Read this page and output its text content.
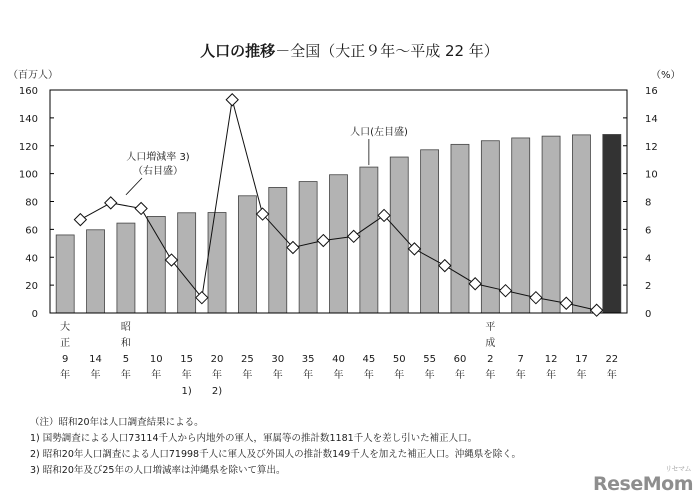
人口の推移－全国（大正９年～平成 22 年）
（百万人）	（%）
0
20
40
60
80
100
120
140
160
0
2
4
6
8
10
12
14
16
大
正
9
年
14
年
昭
和
5
年
10
年
15
年
1)
20
年
2)
25
年
30
年
35
年
40
年
45
年
50
年
55
年
60
年
平
成
2
年
7
年
12
年
17
年
22
年
人口増減率 3)
（右目盛）
人口(左目盛)
（注）昭和20年は人口調査結果による。
1) 国勢調査による人口73114千人から内地外の軍人，軍属等の推計数1181千人を差し引いた補正人口。
2) 昭和20年人口調査による人口71998千人に軍人及び外国人の推計数149千人を加えた補正人口。沖縄県を除く。
3) 昭和20年及び25年の人口増減率は沖縄県を除いて算出。	リセマム
ReseMom
